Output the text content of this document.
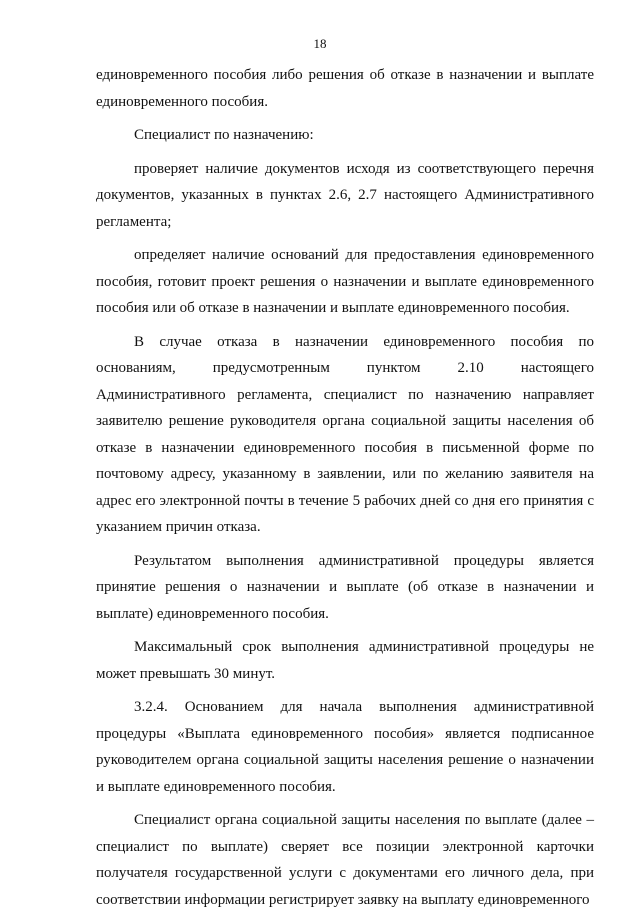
18

единовременного пособия либо решения об отказе в назначении и выплате единовременного пособия.

Специалист по назначению:

проверяет наличие документов исходя из соответствующего перечня документов, указанных в пунктах 2.6, 2.7 настоящего Административного регламента;

определяет наличие оснований для предоставления единовременного пособия, готовит проект решения о назначении и выплате единовременного пособия или об отказе в назначении и выплате единовременного пособия.

В случае отказа в назначении единовременного пособия по основаниям, предусмотренным пунктом 2.10 настоящего Административного регламента, специалист по назначению направляет заявителю решение руководителя органа социальной защиты населения об отказе в назначении единовременного пособия в письменной форме по почтовому адресу, указанному в заявлении, или по желанию заявителя на адрес его электронной почты в течение 5 рабочих дней со дня его принятия с указанием причин отказа.

Результатом выполнения административной процедуры является принятие решения о назначении и выплате (об отказе в назначении и выплате) единовременного пособия.

Максимальный срок выполнения административной процедуры не может превышать 30 минут.

3.2.4. Основанием для начала выполнения административной процедуры «Выплата единовременного пособия» является подписанное руководителем органа социальной защиты населения решение о назначении и выплате единовременного пособия.

Специалист органа социальной защиты населения по выплате (далее – специалист по выплате) сверяет все позиции электронной карточки получателя государственной услуги с документами его личного дела, при соответствии информации регистрирует заявку на выплату единовременного
